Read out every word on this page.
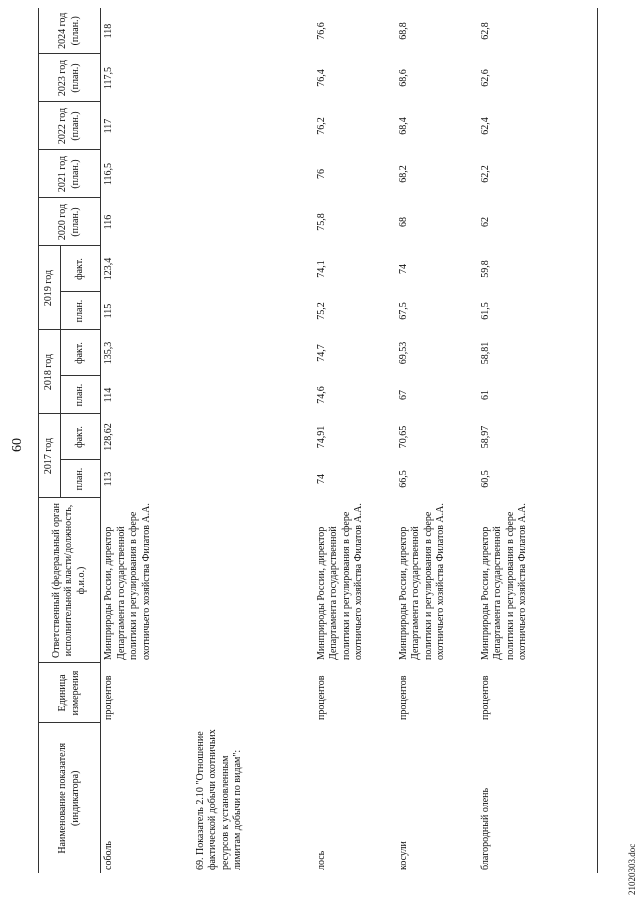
60
Наименование показателя (индикатора)	Единица измерения	Ответственный (федеральный орган исполнительной власти/должность, ф.и.о.)	2017 год		2018 год		2019 год		2020 год (план.)	2021 год (план.)	2022 год (план.)	2023 год (план.)	2024 год (план.)
			план.	факт.	план.	факт.	план.	факт.					
соболь	процентов	Минприроды России, директор Департамента государственной политики и регулирования в сфере охотничьего хозяйства Филатов А.А.	113	128,62	114	135,3	115	123,4	116	116,5	117	117,5	118

69. Показатель 2.10 "Отношение фактической добычи охотничьих ресурсов к установленным лимитам добычи по видам":													

лось	процентов	Минприроды России, директор Департамента государственной политики и регулирования в сфере охотничьего хозяйства Филатов А.А.	74	74,91	74,6	74,7	75,2	74,1	75,8	76	76,2	76,4	76,6
косули	процентов	Минприроды России, директор Департамента государственной политики и регулирования в сфере охотничьего хозяйства Филатов А.А.	66,5	70,65	67	69,53	67,5	74	68	68,2	68,4	68,6	68,8
благородный олень	процентов	Минприроды России, директор Департамента государственной политики и регулирования в сфере охотничьего хозяйства Филатов А.А.	60,5	58,97	61	58,81	61,5	59,8	62	62,2	62,4	62,6	62,8
21020303.doc
